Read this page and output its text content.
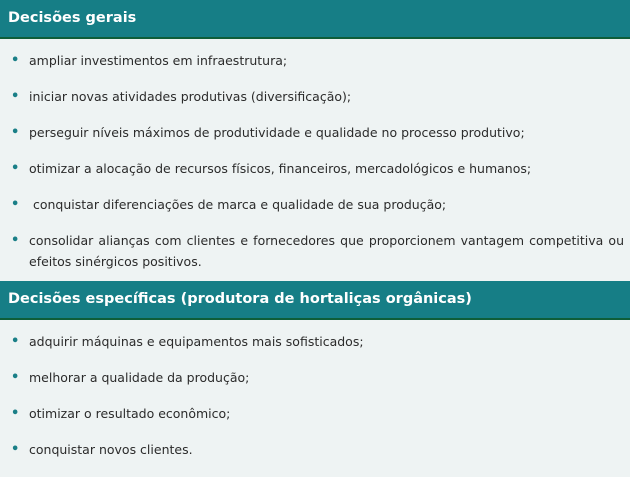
Decisões gerais
• ampliar investimentos em infraestrutura;
• iniciar novas atividades produtivas (diversificação);
• perseguir níveis máximos de produtividade e qualidade no processo produtivo;
• otimizar a alocação de recursos físicos, financeiros, mercadológicos e humanos;
• conquistar diferenciações de marca e qualidade de sua produção;
• consolidar alianças com clientes e fornecedores que proporcionem vantagem competitiva ou efeitos sinérgicos positivos.
Decisões específicas (produtora de hortaliças orgânicas)
• adquirir máquinas e equipamentos mais sofisticados;
• melhorar a qualidade da produção;
• otimizar o resultado econômico;
• conquistar novos clientes.
